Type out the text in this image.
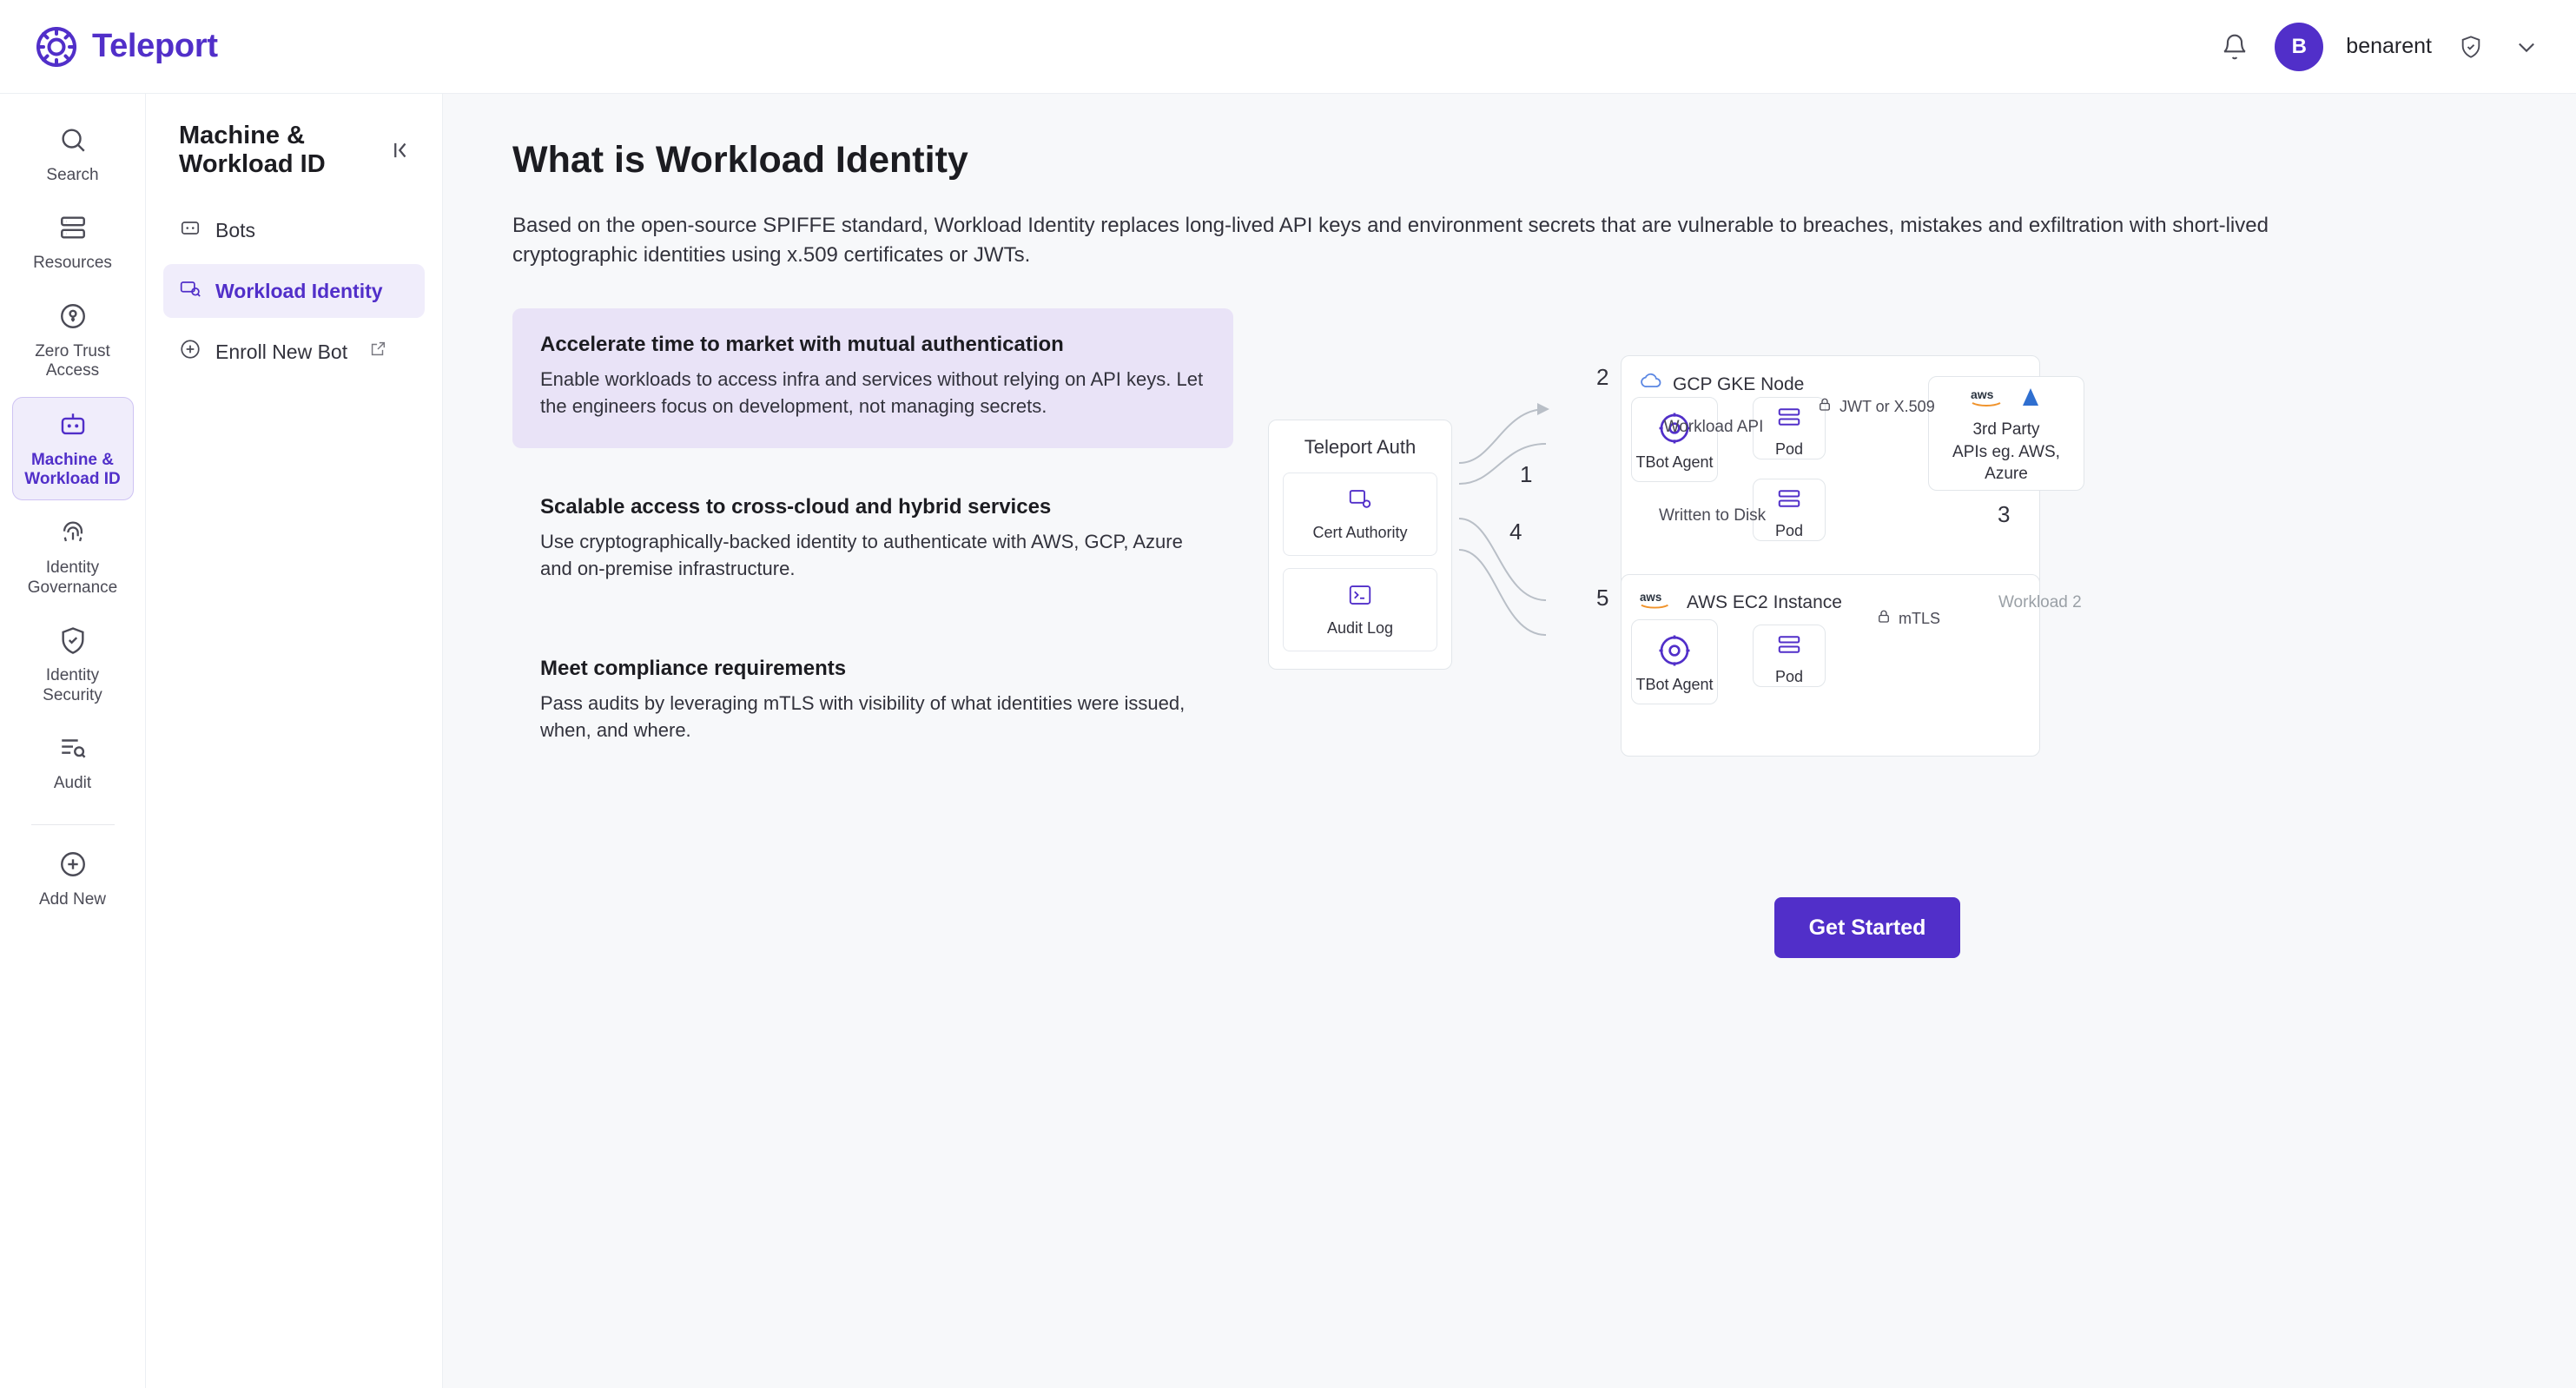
Teleport	B	benarent
Search
Resources
Zero Trust Access
Machine & Workload ID
Identity Governance
Identity Security
Audit
Add New
Machine & Workload ID
Bots
Workload Identity
Enroll New Bot
What is Workload Identity

Based on the open-source SPIFFE standard, Workload Identity replaces long-lived API keys and environment secrets that are vulnerable to breaches, mistakes and exfiltration with short-lived cryptographic identities using x.509 certificates or JWTs.

Accelerate time to market with mutual authentication

Enable workloads to access infra and services without relying on API keys. Let the engineers focus on development, not managing secrets.

Scalable access to cross-cloud and hybrid services

Use cryptographically-backed identity to authenticate with AWS, GCP, Azure and on-premise infrastructure.

Meet compliance requirements

Pass audits by leveraging mTLS with visibility of what identities were issued, when, and where.

Teleport Auth
Cert Authority
Audit Log
GCP GKE Node
TBot Agent
Pod
Pod
Workload API
Written to Disk
aws
3rd Party
APIs eg. AWS,
Azure
aws AWS EC2 Instance	Workload 2
TBot Agent	Pod
JWT or X.509
mTLS
1
2
3
4
5
Get Started
